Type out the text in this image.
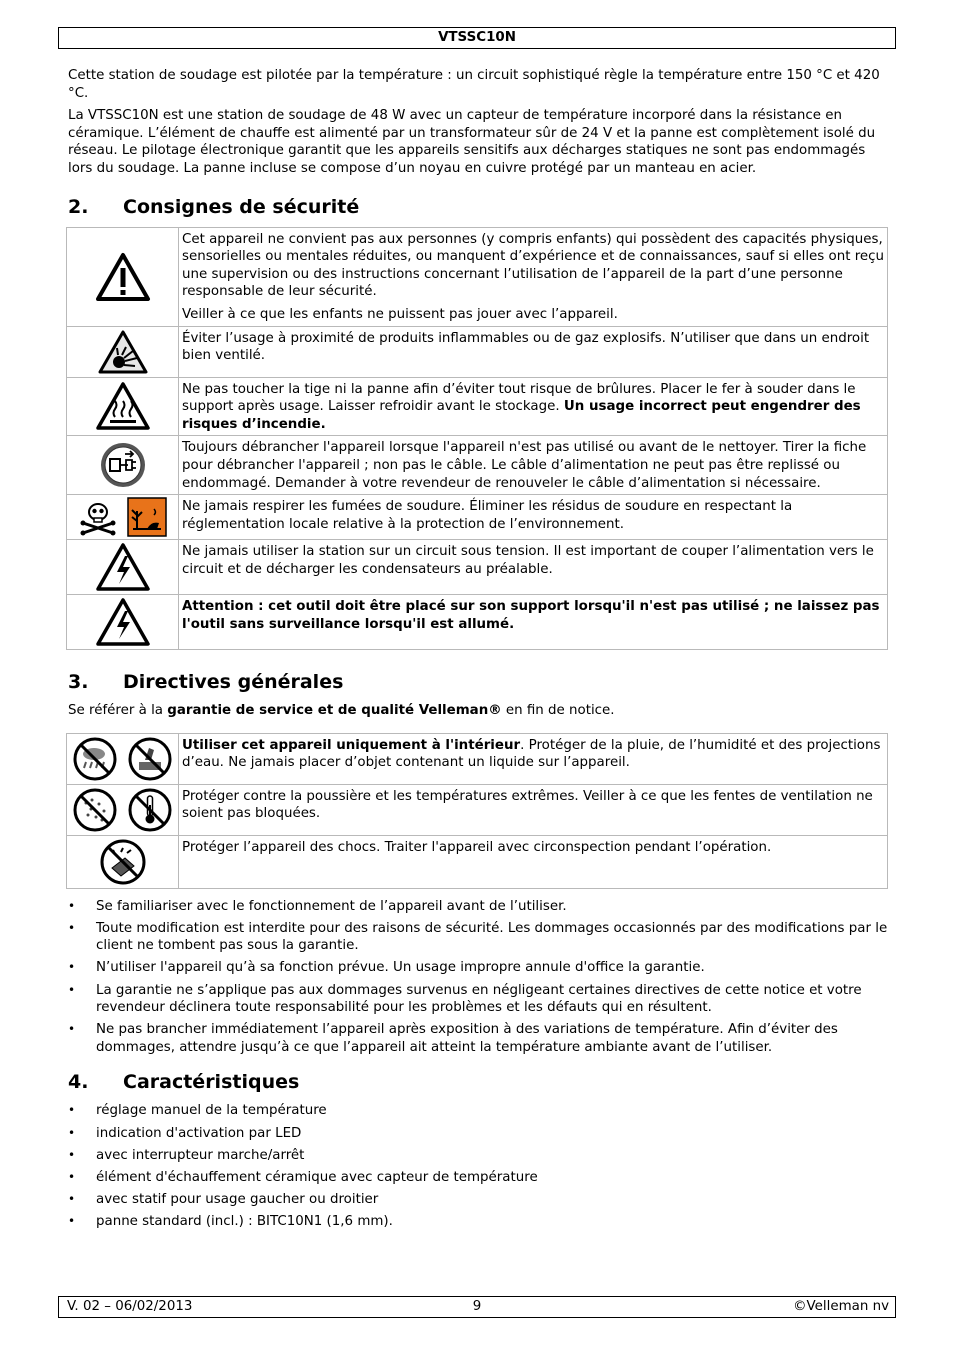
VTSSC10N

Cette station de soudage est pilotée par la température : un circuit sophistiqué règle la température entre 150 °C et 420 °C.

La VTSSC10N est une station de soudage de 48 W avec un capteur de température incorporé dans la résistance en céramique. L’élément de chauffe est alimenté par un transformateur sûr de 24 V et la panne est complètement isolé du réseau. Le pilotage électronique garantit que les appareils sensitifs aux décharges statiques ne sont pas endommagés lors du soudage. La panne incluse se compose d’un noyau en cuivre protégé par un manteau en acier.

2. Consignes de sécurité

Cet appareil ne convient pas aux personnes (y compris enfants) qui possèdent des capacités physiques, sensorielles ou mentales réduites, ou manquent d’expérience et de connaissances, sauf si elles ont reçu une supervision ou des instructions concernant l’utilisation de l’appareil de la part d’une personne responsable de leur sécurité.

Veiller à ce que les enfants ne puissent pas jouer avec l’appareil.

Éviter l’usage à proximité de produits inflammables ou de gaz explosifs. N’utiliser que dans un endroit bien ventilé.

Ne pas toucher la tige ni la panne afin d’éviter tout risque de brûlures. Placer le fer à souder dans le support après usage. Laisser refroidir avant le stockage. Un usage incorrect peut engendrer des risques d’incendie.

Toujours débrancher l'appareil lorsque l'appareil n'est pas utilisé ou avant de le nettoyer. Tirer la fiche pour débrancher l'appareil ; non pas le câble. Le câble d’alimentation ne peut pas être replissé ou endommagé. Demander à votre revendeur de renouveler le câble d’alimentation si nécessaire.

Ne jamais respirer les fumées de soudure. Éliminer les résidus de soudure en respectant la réglementation locale relative à la protection de l’environnement.

Ne jamais utiliser la station sur un circuit sous tension. Il est important de couper l’alimentation vers le circuit et de décharger les condensateurs au préalable.

Attention : cet outil doit être placé sur son support lorsqu'il n'est pas utilisé ; ne laissez pas l'outil sans surveillance lorsqu'il est allumé.

3. Directives générales

Se référer à la garantie de service et de qualité Velleman® en fin de notice.

Utiliser cet appareil uniquement à l'intérieur. Protéger de la pluie, de l’humidité et des projections d’eau. Ne jamais placer d’objet contenant un liquide sur l’appareil.

Protéger contre la poussière et les températures extrêmes. Veiller à ce que les fentes de ventilation ne soient pas bloquées.

Protéger l’appareil des chocs. Traiter l'appareil avec circonspection pendant l’opération.

• Se familiariser avec le fonctionnement de l’appareil avant de l’utiliser.
• Toute modification est interdite pour des raisons de sécurité. Les dommages occasionnés par des modifications par le client ne tombent pas sous la garantie.
• N’utiliser l'appareil qu’à sa fonction prévue. Un usage impropre annule d'office la garantie.
• La garantie ne s’applique pas aux dommages survenus en négligeant certaines directives de cette notice et votre revendeur déclinera toute responsabilité pour les problèmes et les défauts qui en résultent.
• Ne pas brancher immédiatement l’appareil après exposition à des variations de température. Afin d’éviter des dommages, attendre jusqu’à ce que l’appareil ait atteint la température ambiante avant de l’utiliser.
4. Caractéristiques
• réglage manuel de la température
• indication d'activation par LED
• avec interrupteur marche/arrêt
• élément d'échauffement céramique avec capteur de température
• avec statif pour usage gaucher ou droitier
• panne standard (incl.) : BITC10N1 (1,6 mm).
V. 02 – 06/02/2013	9	©Velleman nv
